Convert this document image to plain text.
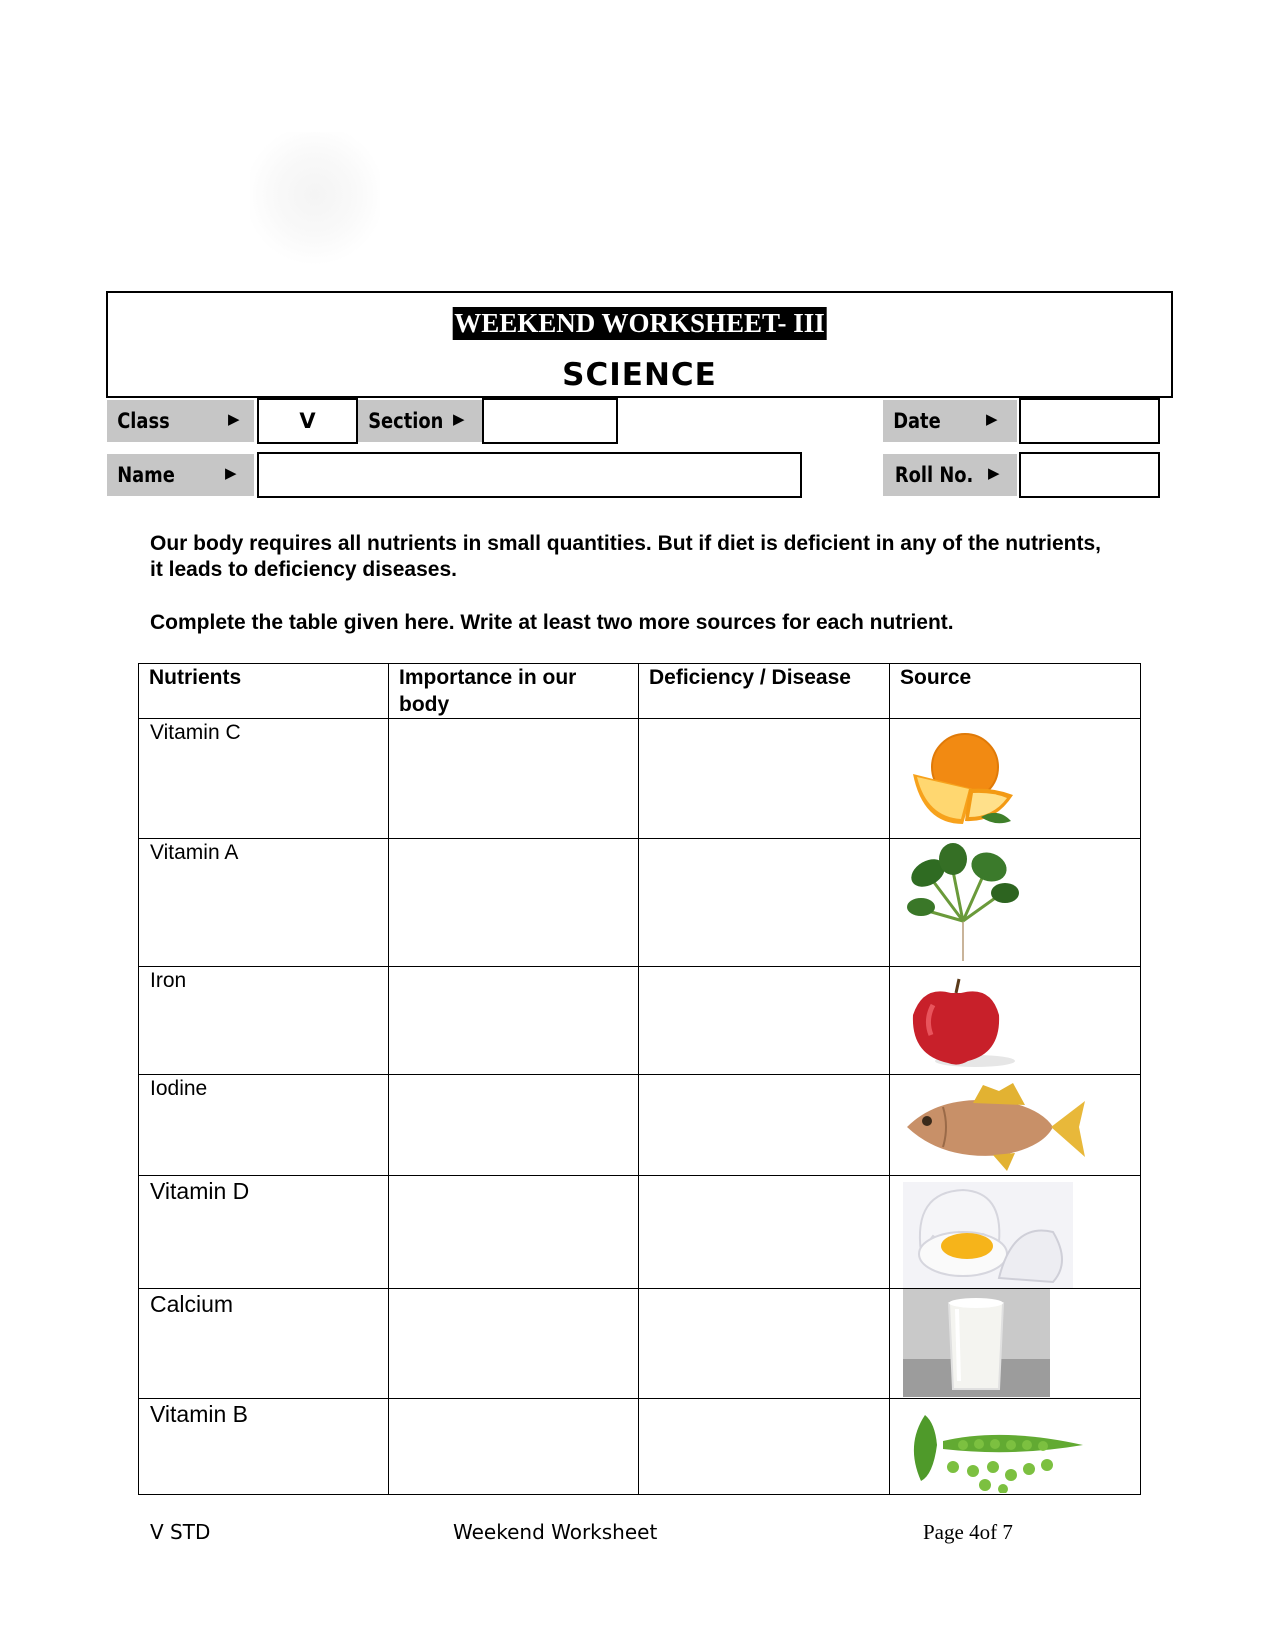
WEEKEND WORKSHEET- III
SCIENCE
Class	▶	V	Section ▶	Date	▶
Name	▶	Roll No. ▶
Our body requires all nutrients in small quantities. But if diet is deficient in any of the nutrients, it leads to deficiency diseases.
Complete the table given here. Write at least two more sources for each nutrient.
Nutrients	Importance in our body	Deficiency / Disease	Source
Vitamin C			

Vitamin A			

Iron			

Iodine			

Vitamin D			

Calcium			

Vitamin B			
V STD	Weekend Worksheet	Page 4of 7
